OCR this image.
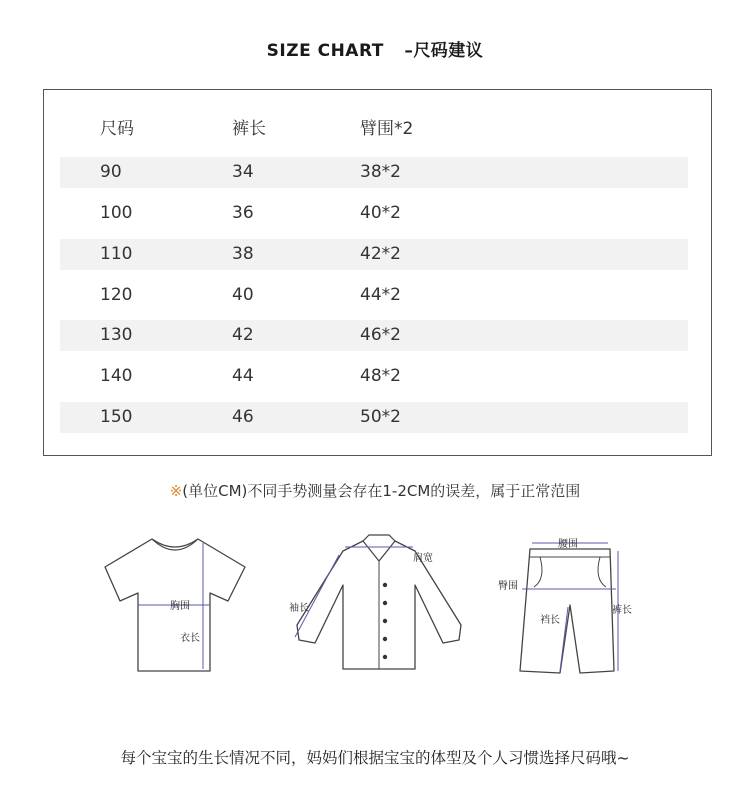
SIZE CHART –尺码建议
尺码	裤长	臂围*2
90	34	38*2
100	36	40*2
110	38	42*2
120	40	44*2
130	42	46*2
140	44	48*2
150	46	50*2
※(单位CM)不同手势测量会存在1-2CM的误差，属于正常范围
胸围
衣长
肩宽
袖长
腰围
臀围
裤长
裆长
每个宝宝的生长情况不同，妈妈们根据宝宝的体型及个人习惯选择尺码哦~
